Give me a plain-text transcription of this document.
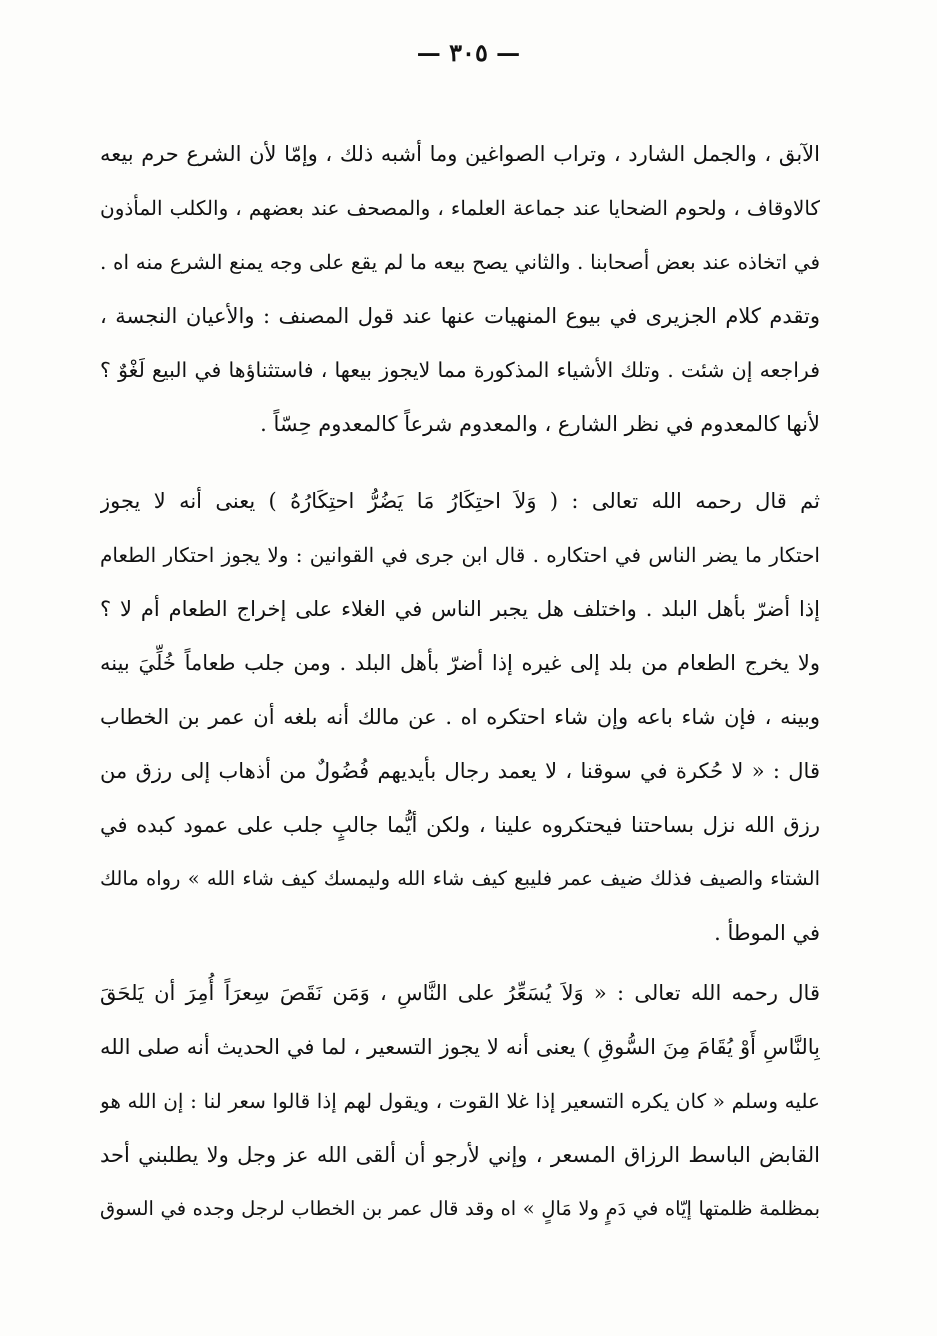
— ٣٠٥ —
الآبق ، والجمل الشارد ، وتراب الصواغين وما أشبه ذلك ، وإمّا لأن الشرع حرم بيعه
كالاوقاف ، ولحوم الضحايا عند جماعة العلماء ، والمصحف عند بعضهم ، والكلب المأذون
في اتخاذه عند بعض أصحابنا . والثاني يصح بيعه ما لم يقع على وجه يمنع الشرع منه اه .
وتقدم كلام الجزيرى في بيوع المنهيات عنها عند قول المصنف : والأعيان النجسة ،
فراجعه إن شئت . وتلك الأشياء المذكورة مما لايجوز بيعها ، فاستثناؤها في البيع لَغْوٌ ؟
لأنها كالمعدوم في نظر الشارع ، والمعدوم شرعاً كالمعدوم حِسّاً .
ثم قال رحمه الله تعالى : ( وَلاَ احتِكَارُ مَا يَضُرُّ احتِكَارُهُ ) يعنى أنه لا يجوز
احتكار ما يضر الناس في احتكاره . قال ابن جرى في القوانين : ولا يجوز احتكار الطعام
إذا أضرّ بأهل البلد . واختلف هل يجبر الناس في الغلاء على إخراج الطعام أم لا ؟
ولا يخرج الطعام من بلد إلى غيره إذا أضرّ بأهل البلد . ومن جلب طعاماً خُلِّيَ بينه
وبينه ، فإن شاء باعه وإن شاء احتكره اه . عن مالك أنه بلغه أن عمر بن الخطاب
قال : « لا حُكرة في سوقنا ، لا يعمد رجال بأيديهم فُضُولٌ من أذهاب إلى رزق من
رزق الله نزل بساحتنا فيحتكروه علينا ، ولكن أيُّما جالبٍ جلب على عمود كبده في
الشتاء والصيف فذلك ضيف عمر فليبع كيف شاء الله وليمسك كيف شاء الله » رواه مالك
في الموطأ .
قال رحمه الله تعالى : « وَلاَ يُسَعِّرُ على النَّاسِ ، وَمَن نَقَصَ سِعرَاً أُمِرَ أن يَلحَقَ
بِالنَّاسِ أَوْ يُقَامَ مِنَ السُّوقِ ) يعنى أنه لا يجوز التسعير ، لما في الحديث أنه صلى الله
عليه وسلم « كان يكره التسعير إذا غلا القوت ، ويقول لهم إذا قالوا سعر لنا : إن الله هو
القابض الباسط الرزاق المسعر ، وإني لأرجو أن ألقى الله عز وجل ولا يطلبني أحد
بمظلمة ظلمتها إيّاه في دَمٍ ولا مَالٍ » اه وقد قال عمر بن الخطاب لرجل وجده في السوق
